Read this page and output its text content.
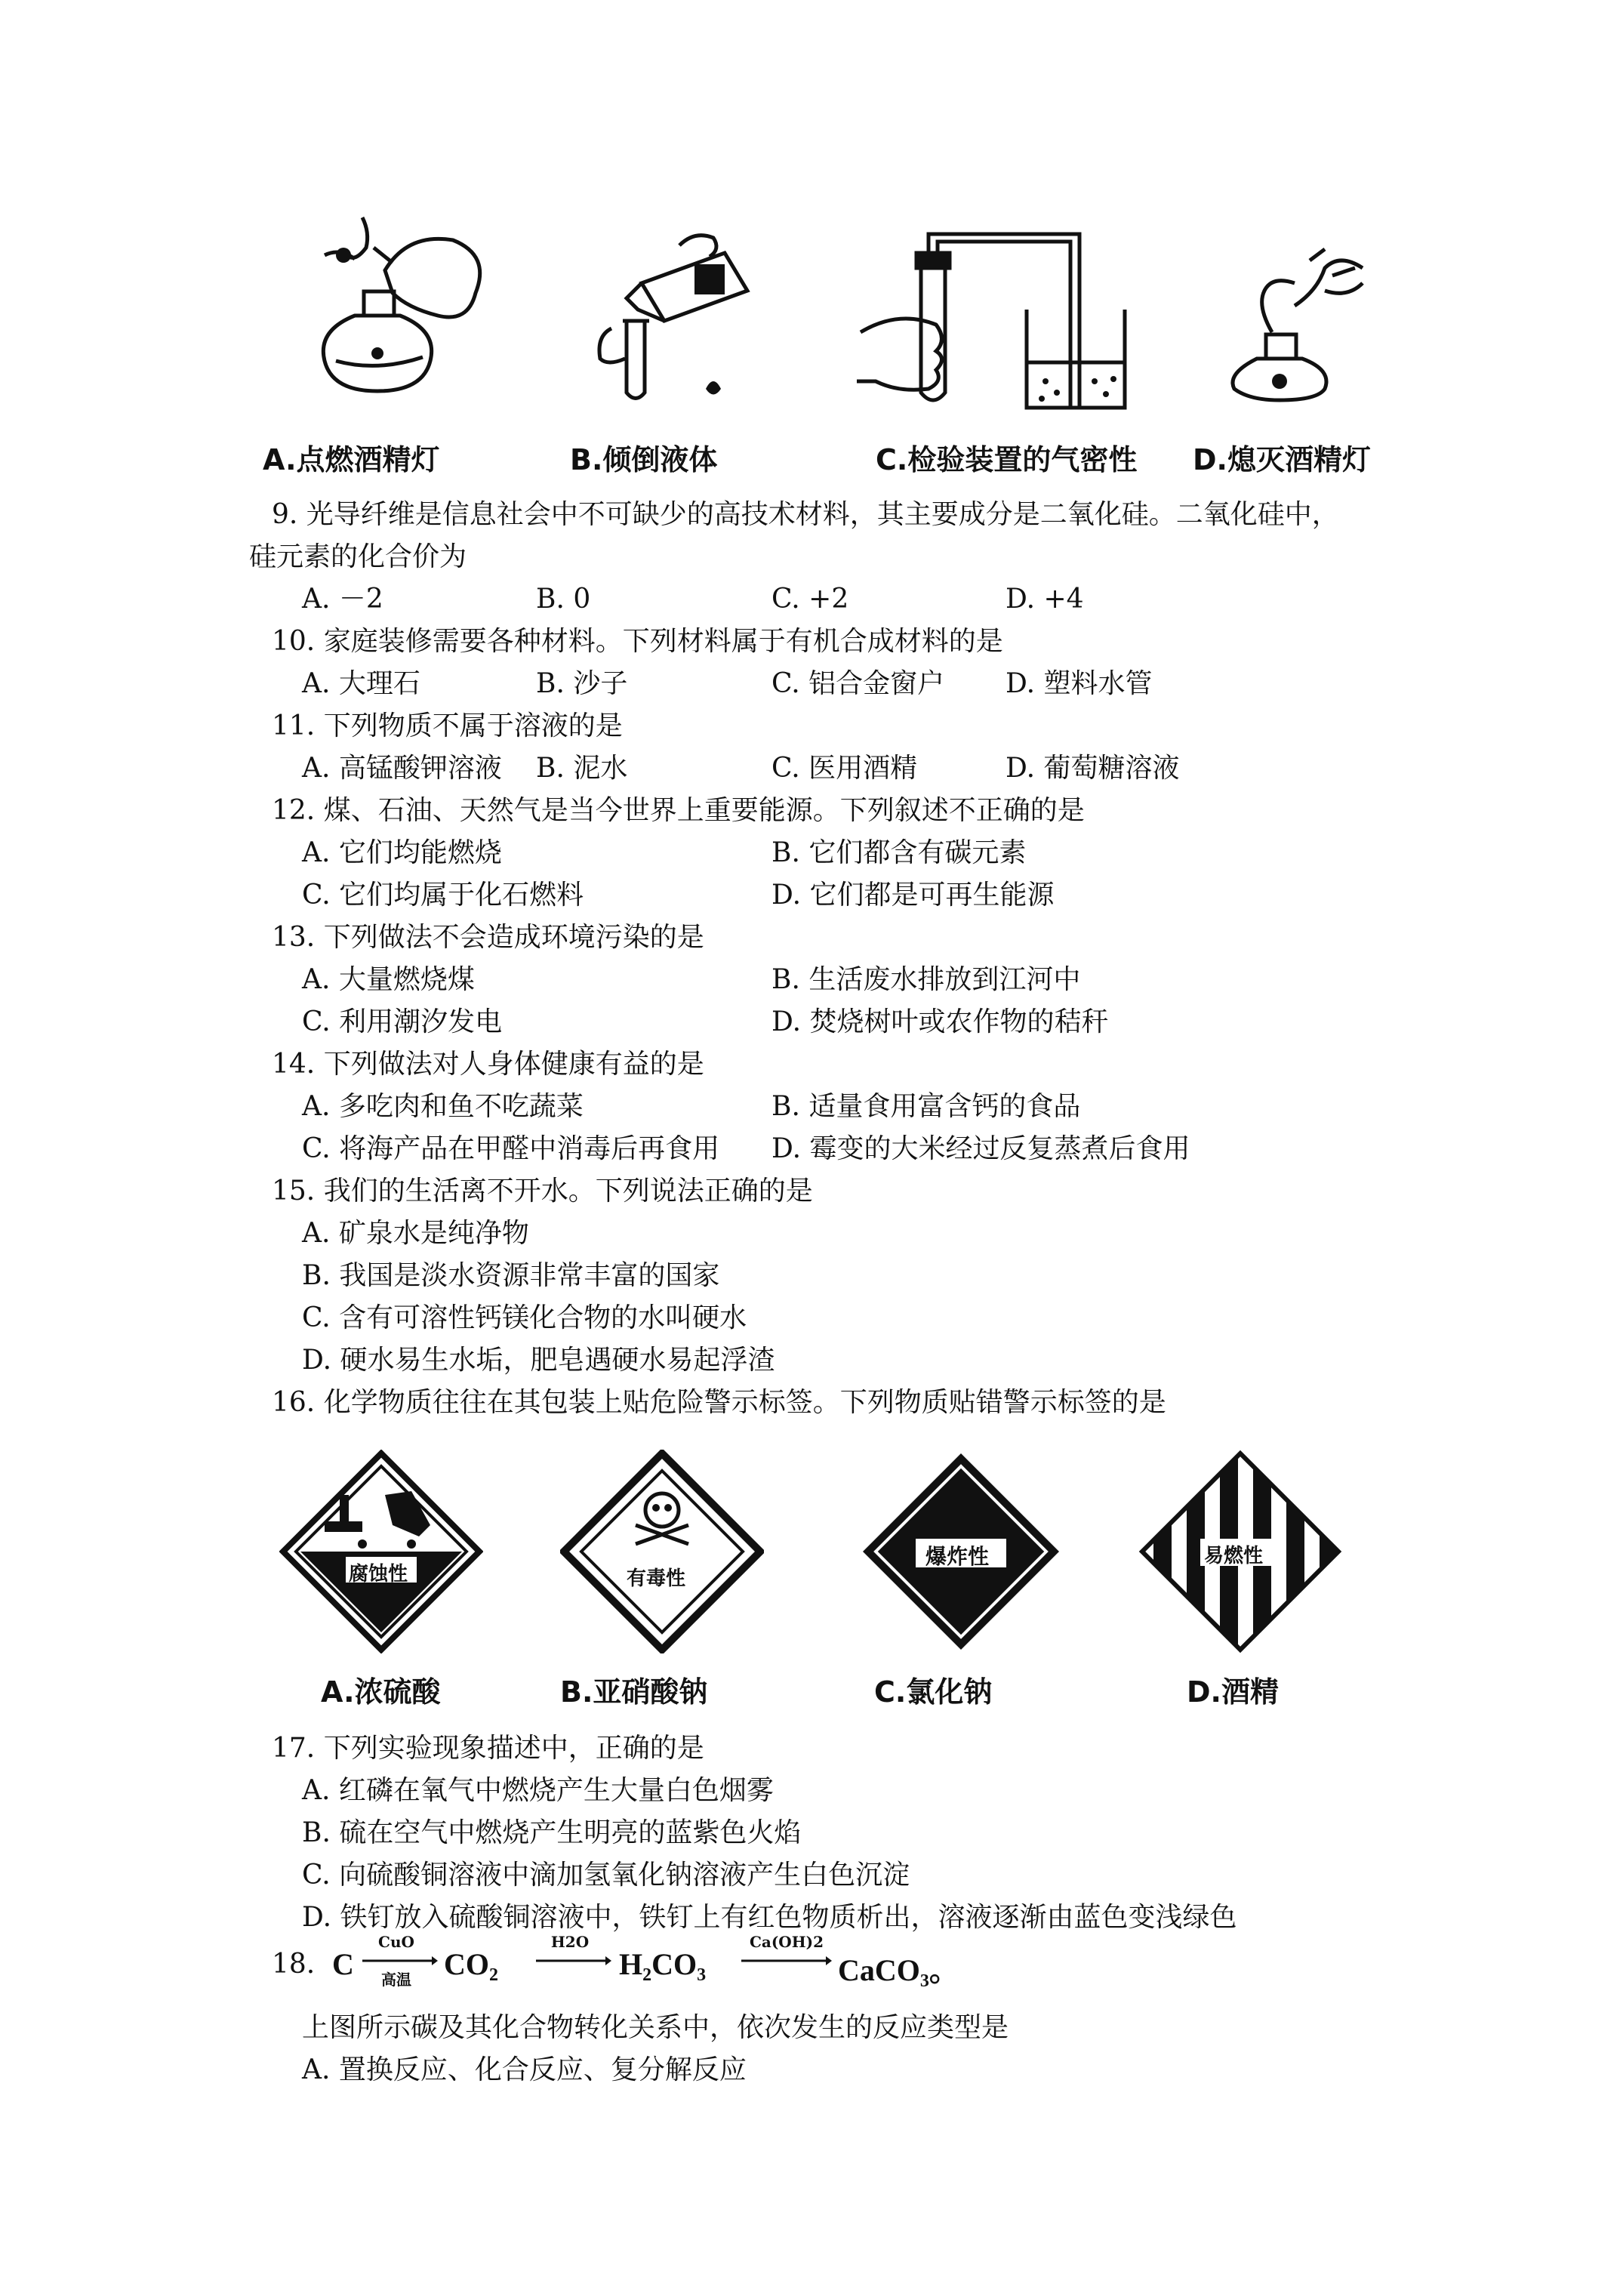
A.点燃酒精灯	B.倾倒液体	C.检验装置的气密性 D.熄灭酒精灯
9. 光导纤维是信息社会中不可缺少的高技术材料，其主要成分是二氧化硅。二氧化硅中，
硅元素的化合价为
A. －2	B. 0	C. +2	D. +4
10. 家庭装修需要各种材料。下列材料属于有机合成材料的是
A. 大理石	B. 沙子	C. 铝合金窗户 D. 塑料水管
11. 下列物质不属于溶液的是
A. 高锰酸钾溶液 B. 泥水	C. 医用酒精	D. 葡萄糖溶液
12. 煤、石油、天然气是当今世界上重要能源。下列叙述不正确的是
A. 它们均能燃烧	B. 它们都含有碳元素
C. 它们均属于化石燃料	D. 它们都是可再生能源
13. 下列做法不会造成环境污染的是
A. 大量燃烧煤	B. 生活废水排放到江河中
C. 利用潮汐发电	D. 焚烧树叶或农作物的秸秆
14. 下列做法对人身体健康有益的是
A. 多吃肉和鱼不吃蔬菜	B. 适量食用富含钙的食品
C. 将海产品在甲醛中消毒后再食用 D. 霉变的大米经过反复蒸煮后食用
15. 我们的生活离不开水。下列说法正确的是
A. 矿泉水是纯净物
B. 我国是淡水资源非常丰富的国家
C. 含有可溶性钙镁化合物的水叫硬水
D. 硬水易生水垢，肥皂遇硬水易起浮渣
16. 化学物质往往在其包装上贴危险警示标签。下列物质贴错警示标签的是
腐蚀性	有毒性
爆炸性	易燃性
A.浓硫酸	B.亚硝酸钠	C.氯化钠	D.酒精
17. 下列实验现象描述中，正确的是
A. 红磷在氧气中燃烧产生大量白色烟雾
B. 硫在空气中燃烧产生明亮的蓝紫色火焰
C. 向硫酸铜溶液中滴加氢氧化钠溶液产生白色沉淀
D. 铁钉放入硫酸铜溶液中，铁钉上有红色物质析出，溶液逐渐由蓝色变浅绿色
18. C
CuO
高温	$CO_2$
H2O
$H_2CO_3$
Ca(OH)2
CaCO$_3$。
上图所示碳及其化合物转化关系中，依次发生的反应类型是
A. 置换反应、化合反应、复分解反应
